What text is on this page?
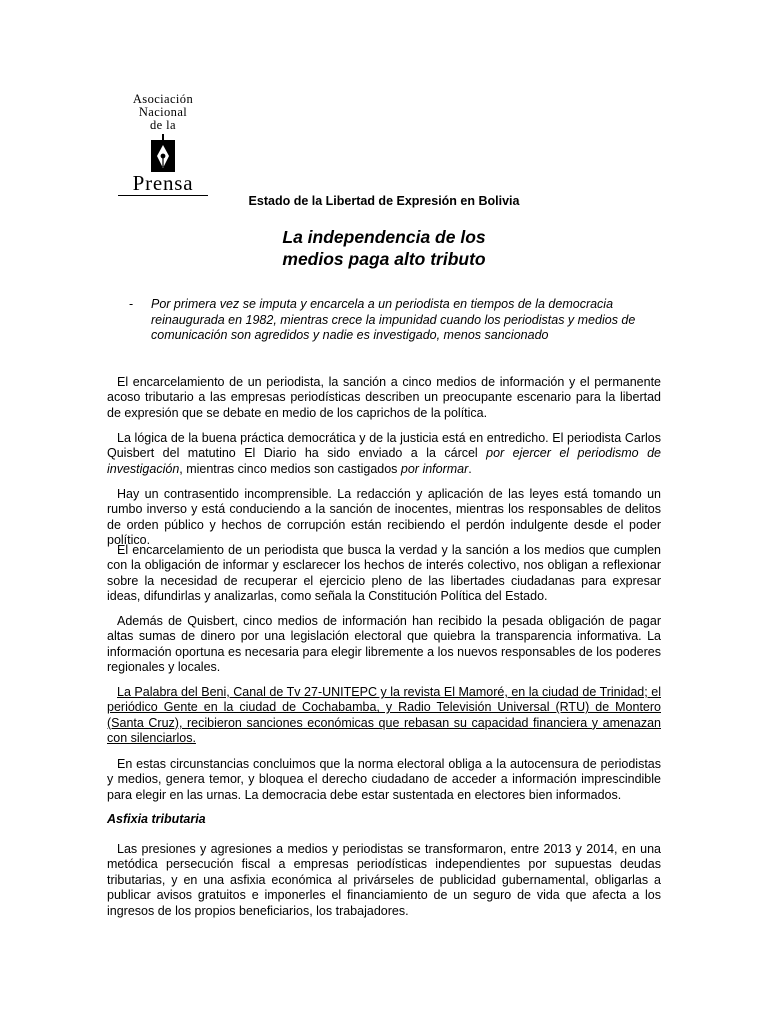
Asociación
Nacional
de la
Prensa
Estado de la Libertad de Expresión en Bolivia
La independencia de los
medios paga alto tributo
- Por primera vez se imputa y encarcela a un periodista en tiempos de la democracia reinaugurada en 1982, mientras crece la impunidad cuando los periodistas y medios de comunicación son agredidos y nadie es investigado, menos sancionado
El encarcelamiento de un periodista, la sanción a cinco medios de información y el permanente acoso tributario a las empresas periodísticas describen un preocupante escenario para la libertad de expresión que se debate en medio de los caprichos de la política.
La lógica de la buena práctica democrática y de la justicia está en entredicho. El periodista Carlos Quisbert del matutino El Diario ha sido enviado a la cárcel por ejercer el periodismo de investigación, mientras cinco medios son castigados por informar.
Hay un contrasentido incomprensible. La redacción y aplicación de las leyes está tomando un rumbo inverso y está conduciendo a la sanción de inocentes, mientras los responsables de delitos de orden público y hechos de corrupción están recibiendo el perdón indulgente desde el poder político.
El encarcelamiento de un periodista que busca la verdad y la sanción a los medios que cumplen con la obligación de informar y esclarecer los hechos de interés colectivo, nos obligan a reflexionar sobre la necesidad de recuperar el ejercicio pleno de las libertades ciudadanas para expresar ideas, difundirlas y analizarlas, como señala la Constitución Política del Estado.
Además de Quisbert, cinco medios de información han recibido la pesada obligación de pagar altas sumas de dinero por una legislación electoral que quiebra la transparencia informativa. La información oportuna es necesaria para elegir libremente a los nuevos responsables de los poderes regionales y locales.
La Palabra del Beni, Canal de Tv 27-UNITEPC y la revista El Mamoré, en la ciudad de Trinidad; el periódico Gente en la ciudad de Cochabamba, y Radio Televisión Universal (RTU) de Montero (Santa Cruz), recibieron sanciones económicas que rebasan su capacidad financiera y amenazan con silenciarlos.
En estas circunstancias concluimos que la norma electoral obliga a la autocensura de periodistas y medios, genera temor, y bloquea el derecho ciudadano de acceder a información imprescindible para elegir en las urnas. La democracia debe estar sustentada en electores bien informados.
Asfixia tributaria
Las presiones y agresiones a medios y periodistas se transformaron, entre 2013 y 2014, en una metódica persecución fiscal a empresas periodísticas independientes por supuestas deudas tributarias, y en una asfixia económica al privárseles de publicidad gubernamental, obligarlas a publicar avisos gratuitos e imponerles el financiamiento de un seguro de vida que afecta a los ingresos de los propios beneficiarios, los trabajadores.
